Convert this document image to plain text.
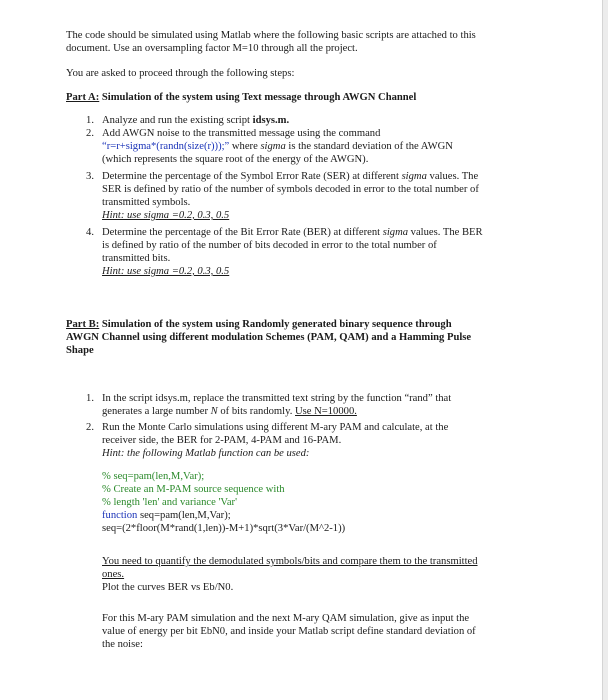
The code should be simulated using Matlab where the following basic scripts are attached to this
document. Use an oversampling factor M=10 through all the project.
You are asked to proceed through the following steps:
Part A: Simulation of the system using Text message through AWGN Channel
1. Analyze and run the existing script idsys.m.
2. Add AWGN noise to the transmitted message using the command
“r=r+sigma*(randn(size(r)));” where sigma is the standard deviation of the AWGN
(which represents the square root of the energy of the AWGN).
3. Determine the percentage of the Symbol Error Rate (SER) at different sigma values. The
SER is defined by ratio of the number of symbols decoded in error to the total number of
transmitted symbols.
Hint: use sigma =0.2, 0.3, 0.5
4. Determine the percentage of the Bit Error Rate (BER) at different sigma values. The BER
is defined by ratio of the number of bits decoded in error to the total number of
transmitted bits.
Hint: use sigma =0.2, 0.3, 0.5
Part B: Simulation of the system using Randomly generated binary sequence through
AWGN Channel using different modulation Schemes (PAM, QAM) and a Hamming Pulse
Shape
1. In the script idsys.m, replace the transmitted text string by the function “rand” that
generates a large number N of bits randomly. Use N=10000.
2. Run the Monte Carlo simulations using different M-ary PAM and calculate, at the
receiver side, the BER for 2-PAM, 4-PAM and 16-PAM.
Hint: the following Matlab function can be used:
% seq=pam(len,M,Var);
% Create an M-PAM source sequence with
% length 'len' and variance 'Var'
function seq=pam(len,M,Var);
seq=(2*floor(M*rand(1,len))-M+1)*sqrt(3*Var/(M^2-1))
You need to quantify the demodulated symbols/bits and compare them to the transmitted
ones.
Plot the curves BER vs Eb/N0.
For this M-ary PAM simulation and the next M-ary QAM simulation, give as input the
value of energy per bit EbN0, and inside your Matlab script define standard deviation of
the noise:
